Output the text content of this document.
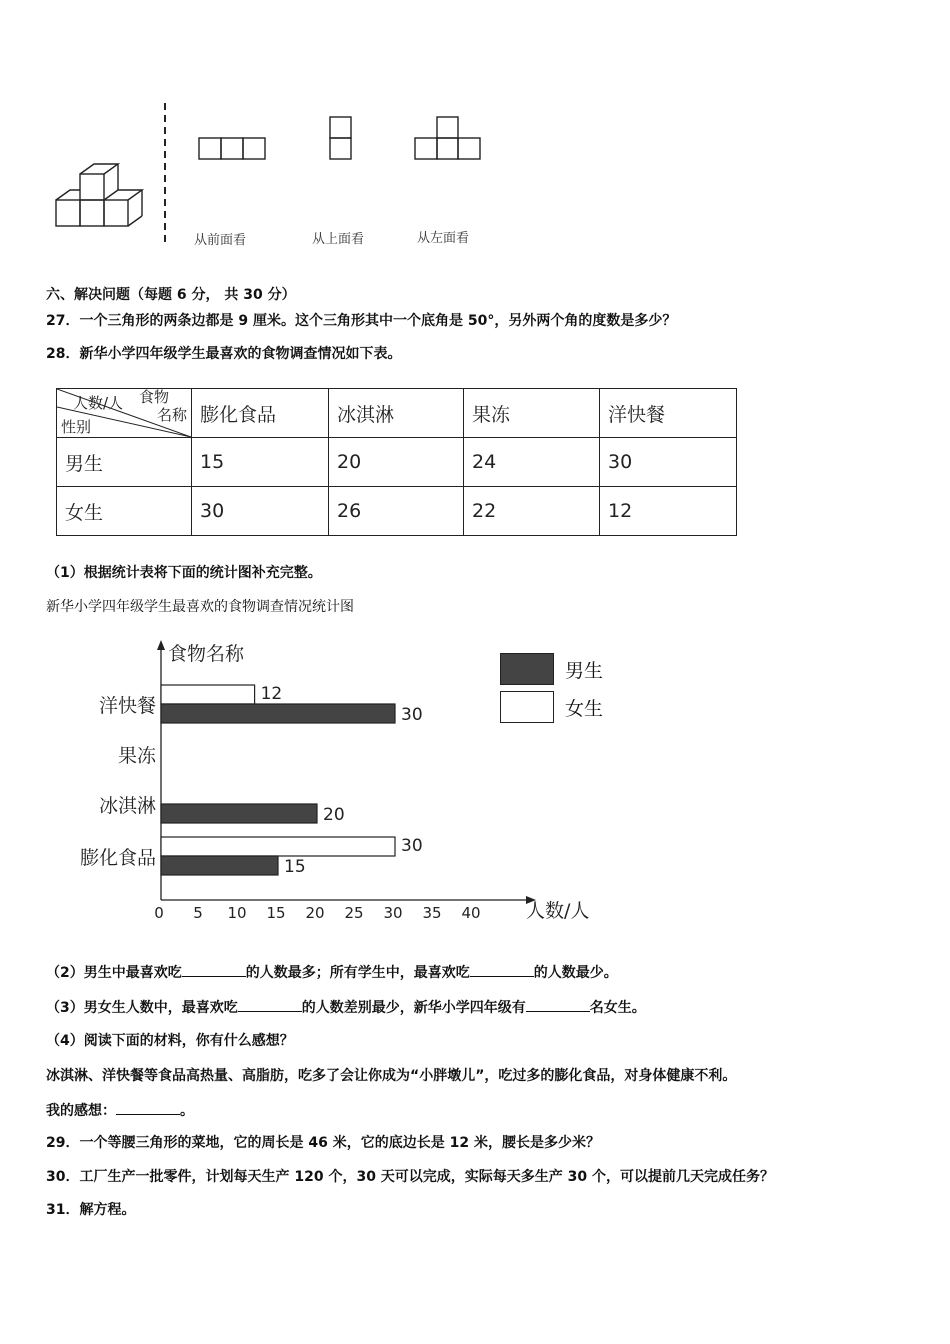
从前面看	从上面看	从左面看
六、解决问题（每题 6 分， 共 30 分）
27．一个三角形的两条边都是 9 厘米。这个三角形其中一个底角是 50°，另外两个角的度数是多少？
28．新华小学四年级学生最喜欢的食物调查情况如下表。
人数/人 食物
名称
性别	膨化食品	冰淇淋	果冻	洋快餐
男生	15	20	24	30
女生	30	26	22	12
（1）根据统计表将下面的统计图补充完整。
新华小学四年级学生最喜欢的食物调查情况统计图
食物名称
人数/人
0 5 10 15 20 25 30 35 40
膨化食品
冰淇淋
果冻
洋快餐
30
15
20
12
30
男生
女生
（2）男生中最喜欢吃	的人数最多；所有学生中，最喜欢吃	的人数最少。
（3）男女生人数中，最喜欢吃	的人数差别最少，新华小学四年级有	名女生。
（4）阅读下面的材料，你有什么感想？
冰淇淋、洋快餐等食品高热量、高脂肪，吃多了会让你成为“小胖墩儿”，吃过多的膨化食品，对身体健康不利。
我的感想：	。
29．一个等腰三角形的菜地，它的周长是 46 米，它的底边长是 12 米，腰长是多少米？
30．工厂生产一批零件，计划每天生产 120 个，30 天可以完成，实际每天多生产 30 个，可以提前几天完成任务？
31．解方程。
